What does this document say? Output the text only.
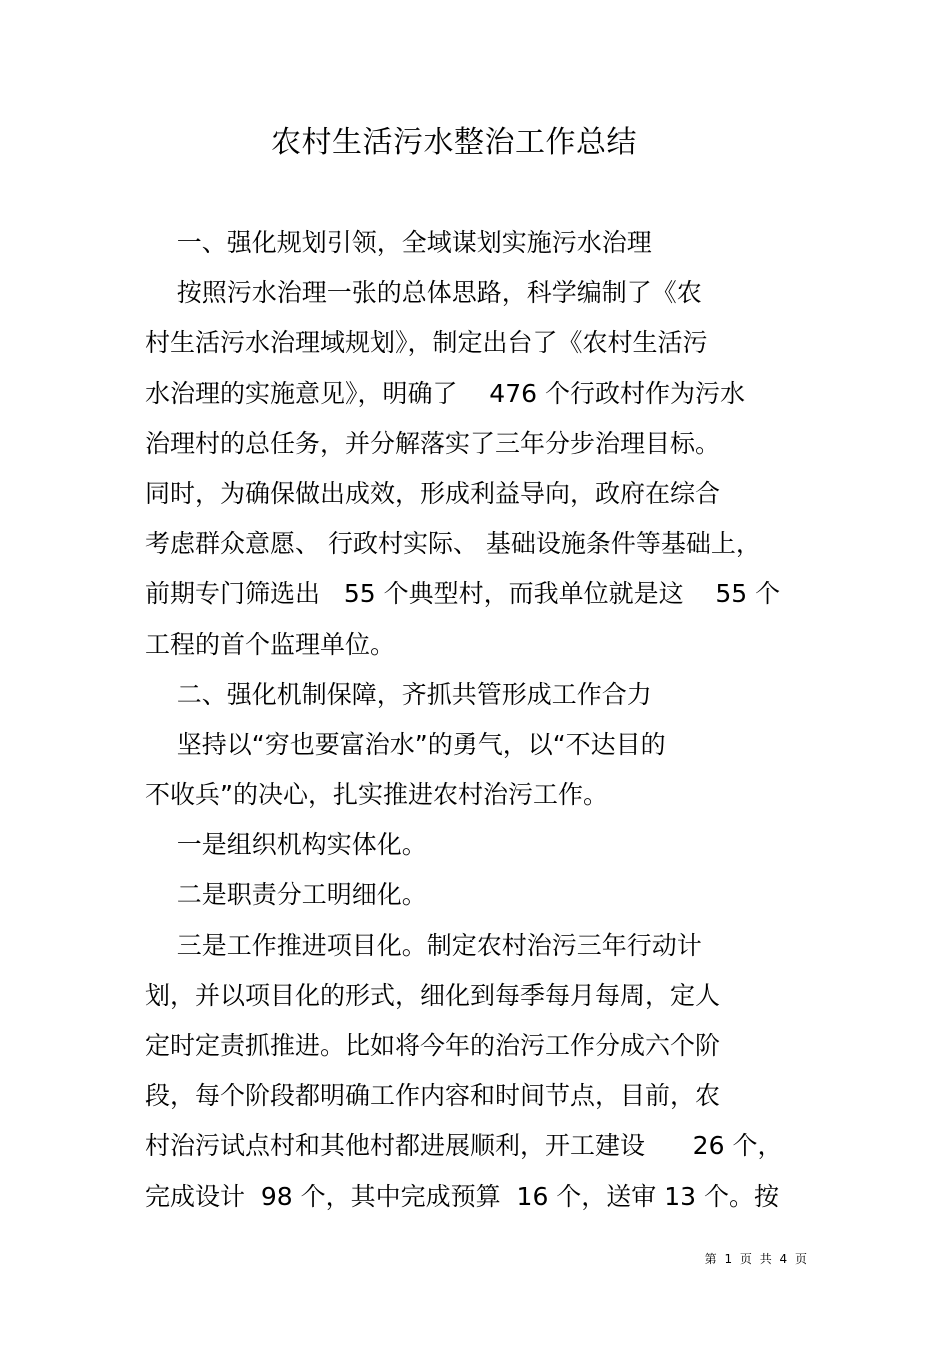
农村生活污水整治工作总结
一、强化规划引领，全域谋划实施污水治理
按照污水治理一张的总体思路，科学编制了《农
村生活污水治理域规划》，制定出台了《农村生活污
水治理的实施意见》，明确了    476 个行政村作为污水
治理村的总任务，并分解落实了三年分步治理目标。
同时，为确保做出成效，形成利益导向，政府在综合
考虑群众意愿、 行政村实际、 基础设施条件等基础上，
前期专门筛选出   55 个典型村，而我单位就是这    55 个
工程的首个监理单位。
二、强化机制保障，齐抓共管形成工作合力
坚持以“穷也要富治水”的勇气，以“不达目的
不收兵”的决心，扎实推进农村治污工作。
一是组织机构实体化。
二是职责分工明细化。
三是工作推进项目化。制定农村治污三年行动计
划，并以项目化的形式，细化到每季每月每周，定人
定时定责抓推进。比如将今年的治污工作分成六个阶
段，每个阶段都明确工作内容和时间节点，目前，农
村治污试点村和其他村都进展顺利，开工建设      26 个，
完成设计  98 个，其中完成预算  16 个，送审 13 个。按
第 1 页 共 4 页
